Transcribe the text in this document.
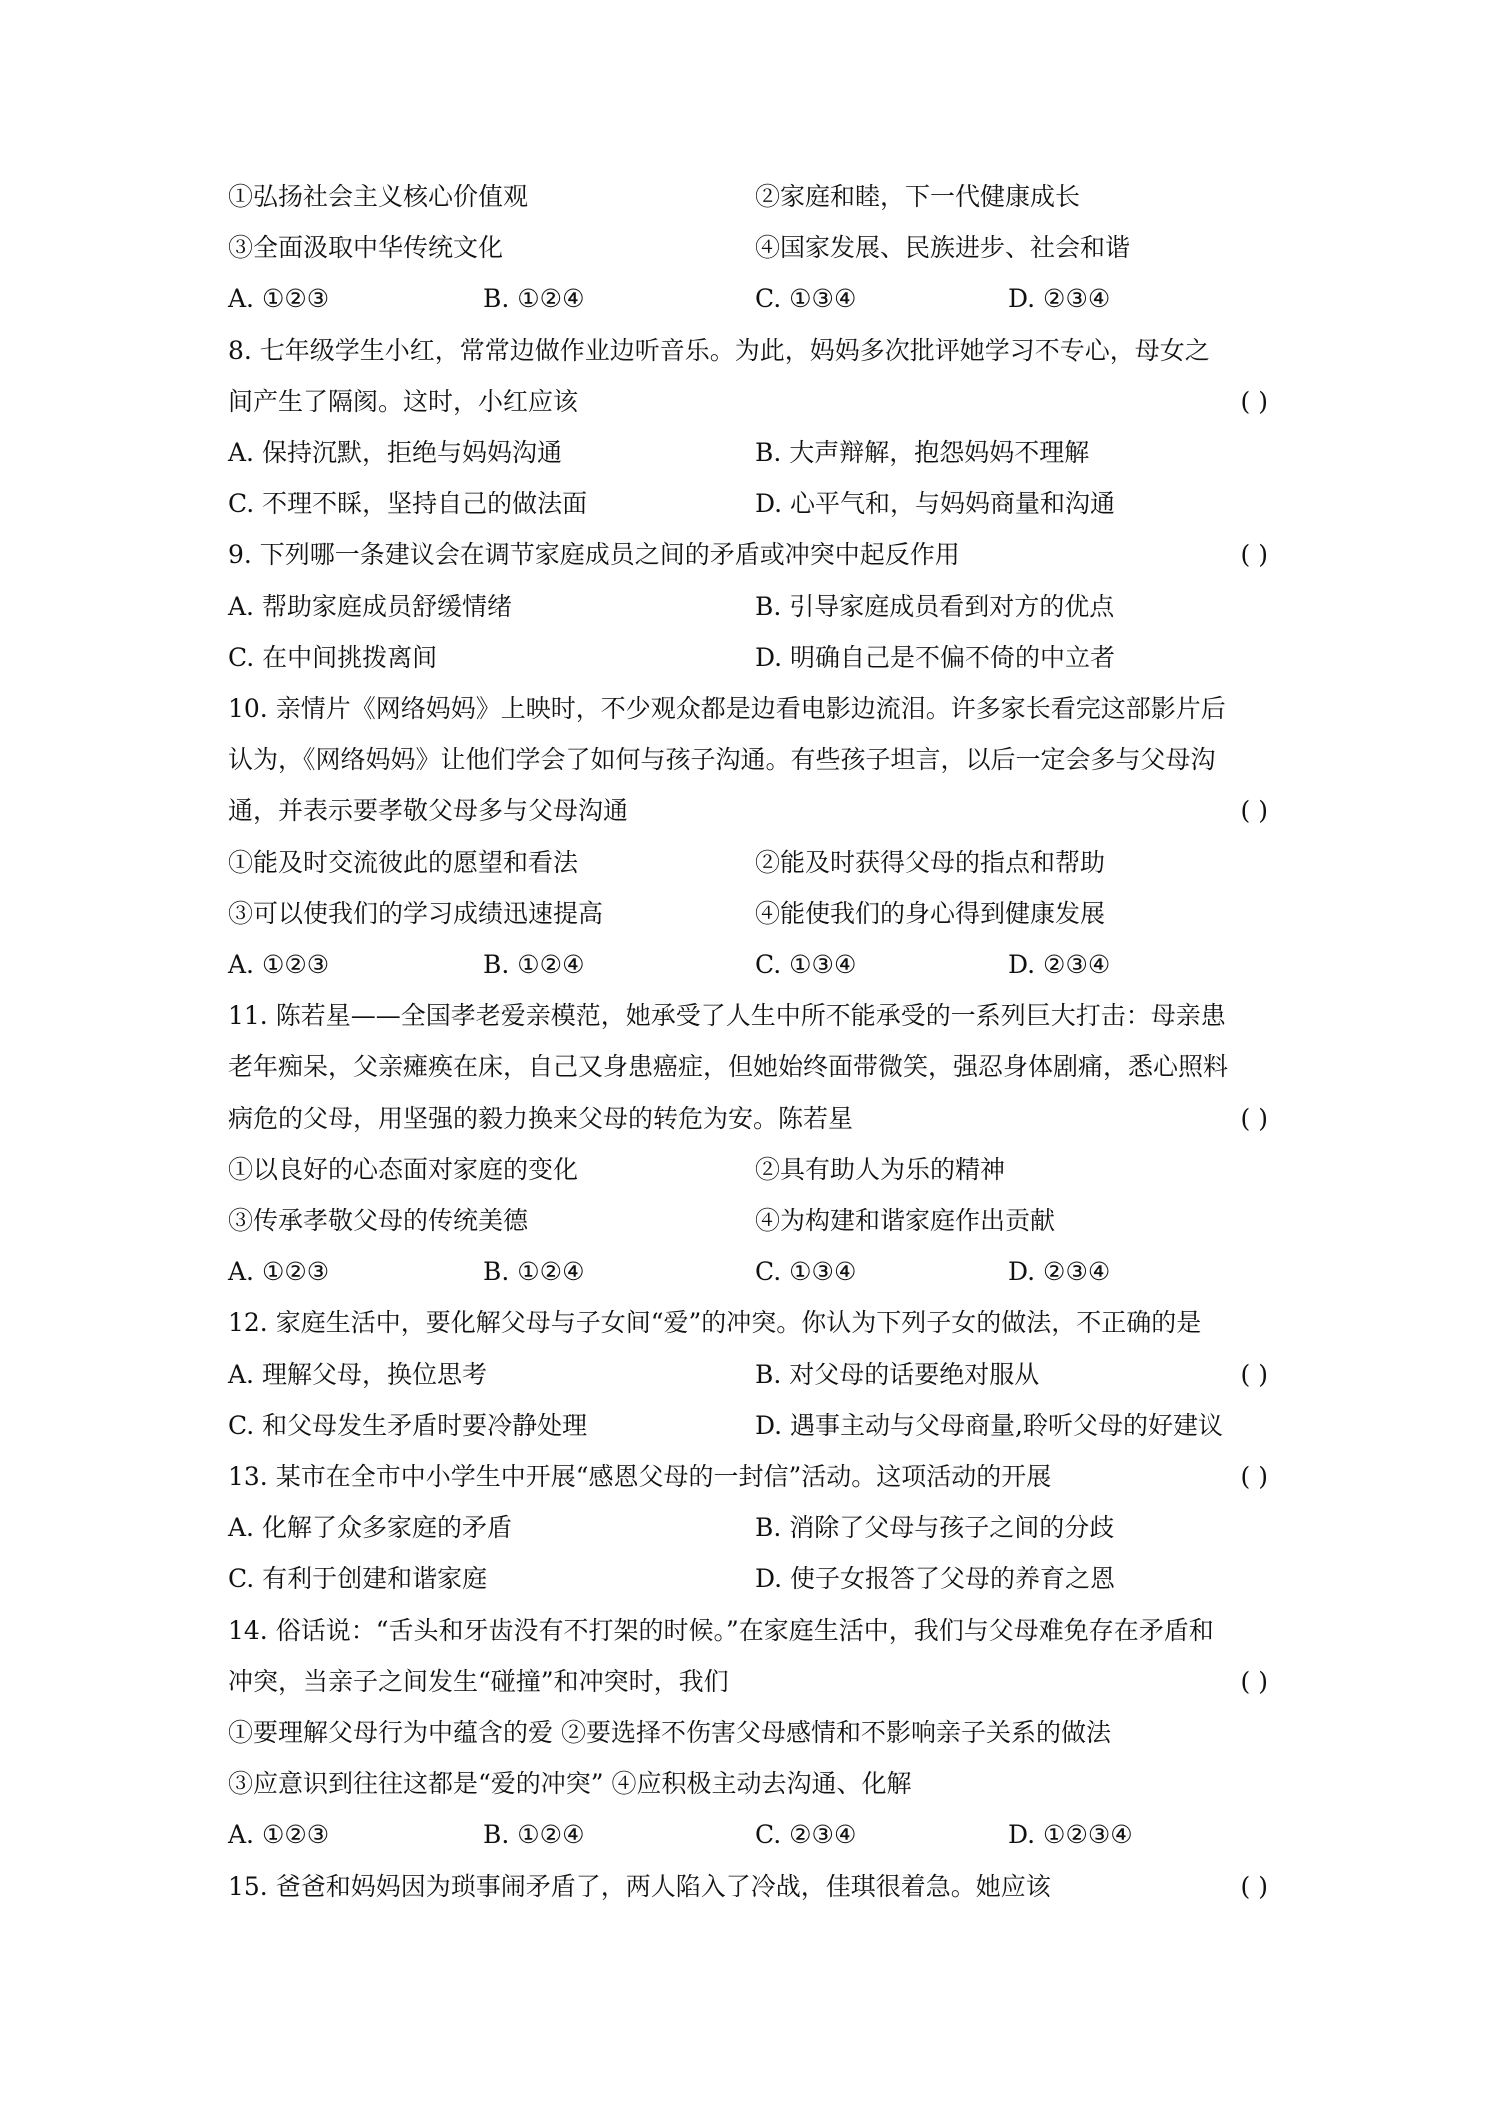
①弘扬社会主义核心价值观	②家庭和睦，下一代健康成长
③全面汲取中华传统文化	④国家发展、民族进步、社会和谐
A. ①②③	B. ①②④	C. ①③④	D. ②③④
8. 七年级学生小红，常常边做作业边听音乐。为此，妈妈多次批评她学习不专心，母女之
间产生了隔阂。这时，小红应该	( )
A. 保持沉默，拒绝与妈妈沟通	B. 大声辩解，抱怨妈妈不理解
C. 不理不睬，坚持自己的做法面	D. 心平气和，与妈妈商量和沟通
9. 下列哪一条建议会在调节家庭成员之间的矛盾或冲突中起反作用	( )
A. 帮助家庭成员舒缓情绪	B. 引导家庭成员看到对方的优点
C. 在中间挑拨离间	D. 明确自己是不偏不倚的中立者
10. 亲情片《网络妈妈》上映时，不少观众都是边看电影边流泪。许多家长看完这部影片后
认为，《网络妈妈》让他们学会了如何与孩子沟通。有些孩子坦言，以后一定会多与父母沟
通，并表示要孝敬父母多与父母沟通	( )
①能及时交流彼此的愿望和看法	②能及时获得父母的指点和帮助
③可以使我们的学习成绩迅速提高	④能使我们的身心得到健康发展
A. ①②③	B. ①②④	C. ①③④	D. ②③④
11. 陈若星——全国孝老爱亲模范，她承受了人生中所不能承受的一系列巨大打击：母亲患
老年痴呆，父亲瘫痪在床，自己又身患癌症，但她始终面带微笑，强忍身体剧痛，悉心照料
病危的父母，用坚强的毅力换来父母的转危为安。陈若星	( )
①以良好的心态面对家庭的变化	②具有助人为乐的精神
③传承孝敬父母的传统美德	④为构建和谐家庭作出贡献
A. ①②③	B. ①②④	C. ①③④	D. ②③④
12. 家庭生活中，要化解父母与子女间“爱”的冲突。你认为下列子女的做法，不正确的是
A. 理解父母，换位思考	B. 对父母的话要绝对服从	( )
C. 和父母发生矛盾时要冷静处理	D. 遇事主动与父母商量,聆听父母的好建议
13. 某市在全市中小学生中开展“感恩父母的一封信”活动。这项活动的开展	( )
A. 化解了众多家庭的矛盾	B. 消除了父母与孩子之间的分歧
C. 有利于创建和谐家庭	D. 使子女报答了父母的养育之恩
14. 俗话说：“舌头和牙齿没有不打架的时候。”在家庭生活中，我们与父母难免存在矛盾和
冲突，当亲子之间发生“碰撞”和冲突时，我们	( )
①要理解父母行为中蕴含的爱 ②要选择不伤害父母感情和不影响亲子关系的做法
③应意识到往往这都是“爱的冲突” ④应积极主动去沟通、化解
A. ①②③	B. ①②④	C. ②③④	D. ①②③④
15. 爸爸和妈妈因为琐事闹矛盾了，两人陷入了冷战，佳琪很着急。她应该	( )
